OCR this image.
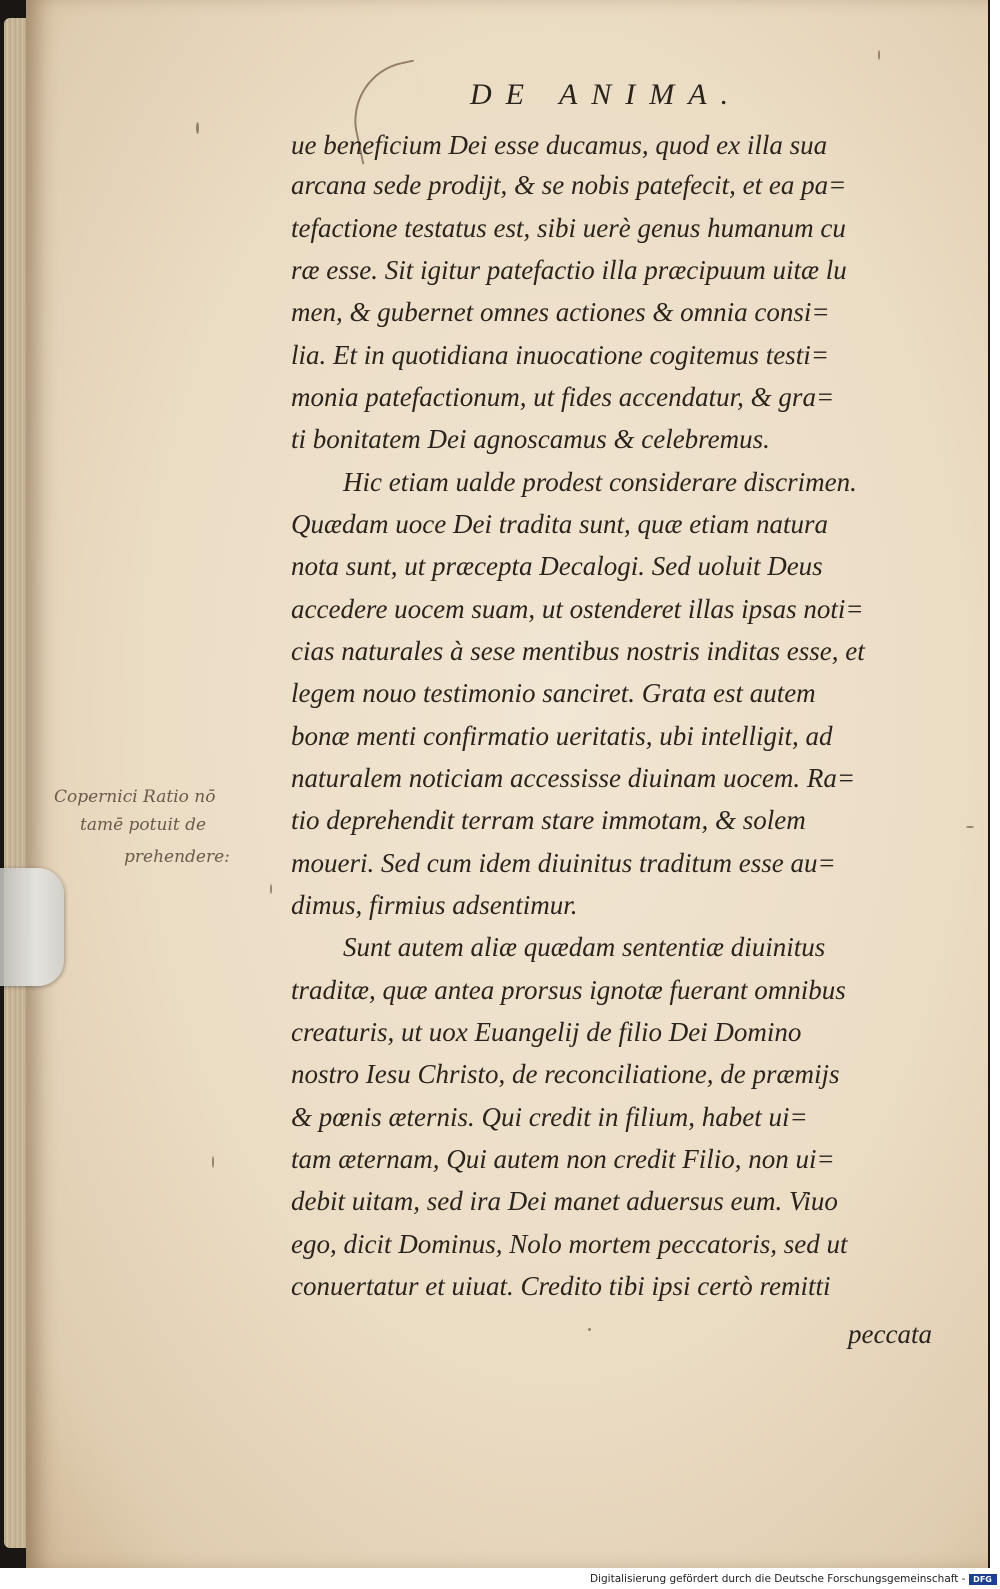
DE ANIMA.
ue beneficium Dei esse ducamus, quod ex illa sua
arcana sede prodijt, & se nobis patefecit, et ea pa=
tefactione testatus est, sibi uerè genus humanum cu
ræ esse. Sit igitur patefactio illa præcipuum uitæ lu
men, & gubernet omnes actiones & omnia consi=
lia. Et in quotidiana inuocatione cogitemus testi=
monia patefactionum, ut fides accendatur, & gra=
ti bonitatem Dei agnoscamus & celebremus.
Hic etiam ualde prodest considerare discrimen.
Quædam uoce Dei tradita sunt, quæ etiam natura
nota sunt, ut præcepta Decalogi. Sed uoluit Deus
accedere uocem suam, ut ostenderet illas ipsas noti=
cias naturales à sese mentibus nostris inditas esse, et
legem nouo testimonio sanciret. Grata est autem
bonæ menti confirmatio ueritatis, ubi intelligit, ad
naturalem noticiam accessisse diuinam uocem. Ra=
tio deprehendit terram stare immotam, & solem
moueri. Sed cum idem diuinitus traditum esse au=
dimus, firmius adsentimur.
Sunt autem aliæ quædam sententiæ diuinitus
traditæ, quæ antea prorsus ignotæ fuerant omnibus
creaturis, ut uox Euangelij de filio Dei Domino
nostro Iesu Christo, de reconciliatione, de præmijs
& pœnis æternis. Qui credit in filium, habet ui=
tam æternam, Qui autem non credit Filio, non ui=
debit uitam, sed ira Dei manet aduersus eum. Viuo
ego, dicit Dominus, Nolo mortem peccatoris, sed ut
conuertatur et uiuat. Credito tibi ipsi certò remitti
peccata
Copernici Ratio nō
tamē potuit de
prehendere:
Digitalisierung gefördert durch die Deutsche Forschungsgemeinschaft - DFG
